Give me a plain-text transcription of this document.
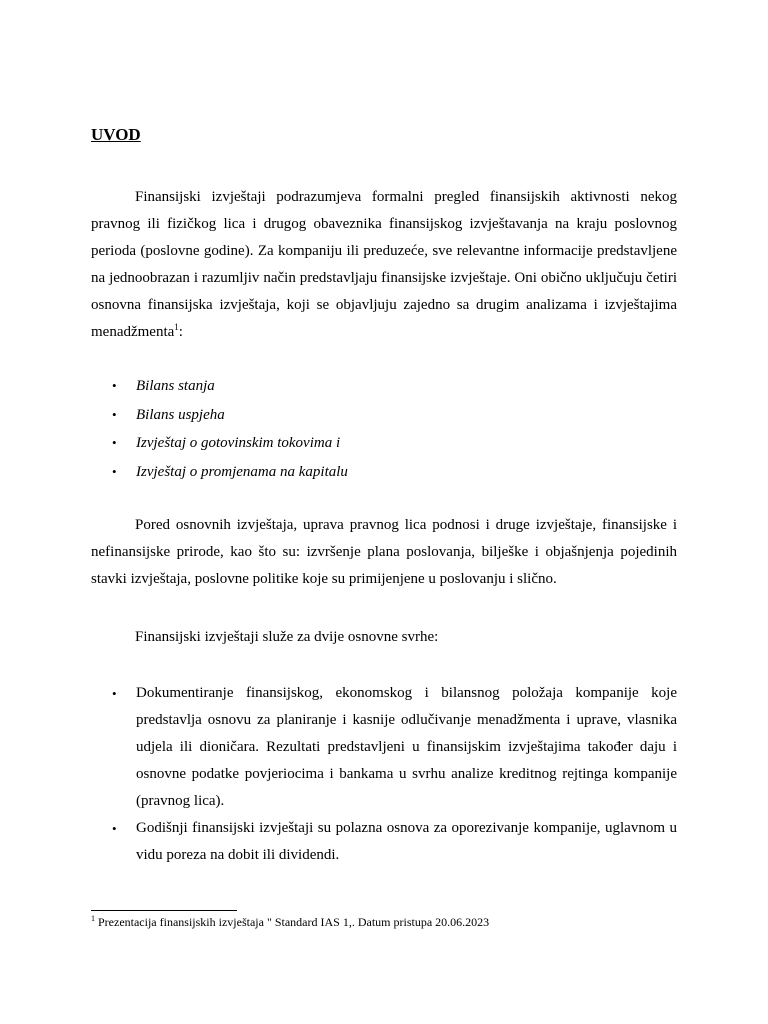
UVOD

Finansijski izvještaji podrazumjeva formalni pregled finansijskih aktivnosti nekog pravnog ili fizičkog lica i drugog obaveznika finansijskog izvještavanja na kraju poslovnog perioda (poslovne godine). Za kompaniju ili preduzeće, sve relevantne informacije predstavljene na jednoobrazan i razumljiv način predstavljaju finansijske izvještaje. Oni obično uključuju četiri osnovna finansijska izvještaja, koji se objavljuju zajedno sa drugim analizama i izvještajima menadžmenta$^1$:

• Bilans stanja
• Bilans uspjeha
• Izvještaj o gotovinskim tokovima i
• Izvještaj o promjenama na kapitalu

Pored osnovnih izvještaja, uprava pravnog lica podnosi i druge izvještaje, finansijske i nefinansijske prirode, kao što su: izvršenje plana poslovanja, bilješke i objašnjenja pojedinih stavki izvještaja, poslovne politike koje su primijenjene u poslovanju i slično.

Finansijski izvještaji služe za dvije osnovne svrhe:

• Dokumentiranje finansijskog, ekonomskog i bilansnog položaja kompanije koje predstavlja osnovu za planiranje i kasnije odlučivanje menadžmenta i uprave, vlasnika udjela ili dioničara. Rezultati predstavljeni u finansijskim izvještajima također daju i osnovne podatke povjeriocima i bankama u svrhu analize kreditnog rejtinga kompanije (pravnog lica).
• Godišnji finansijski izvještaji su polazna osnova za oporezivanje kompanije, uglavnom u vidu poreza na dobit ili dividendi.

$^1$ Prezentacija finansijskih izvještaja " Standard IAS 1,. Datum pristupa 20.06.2023
